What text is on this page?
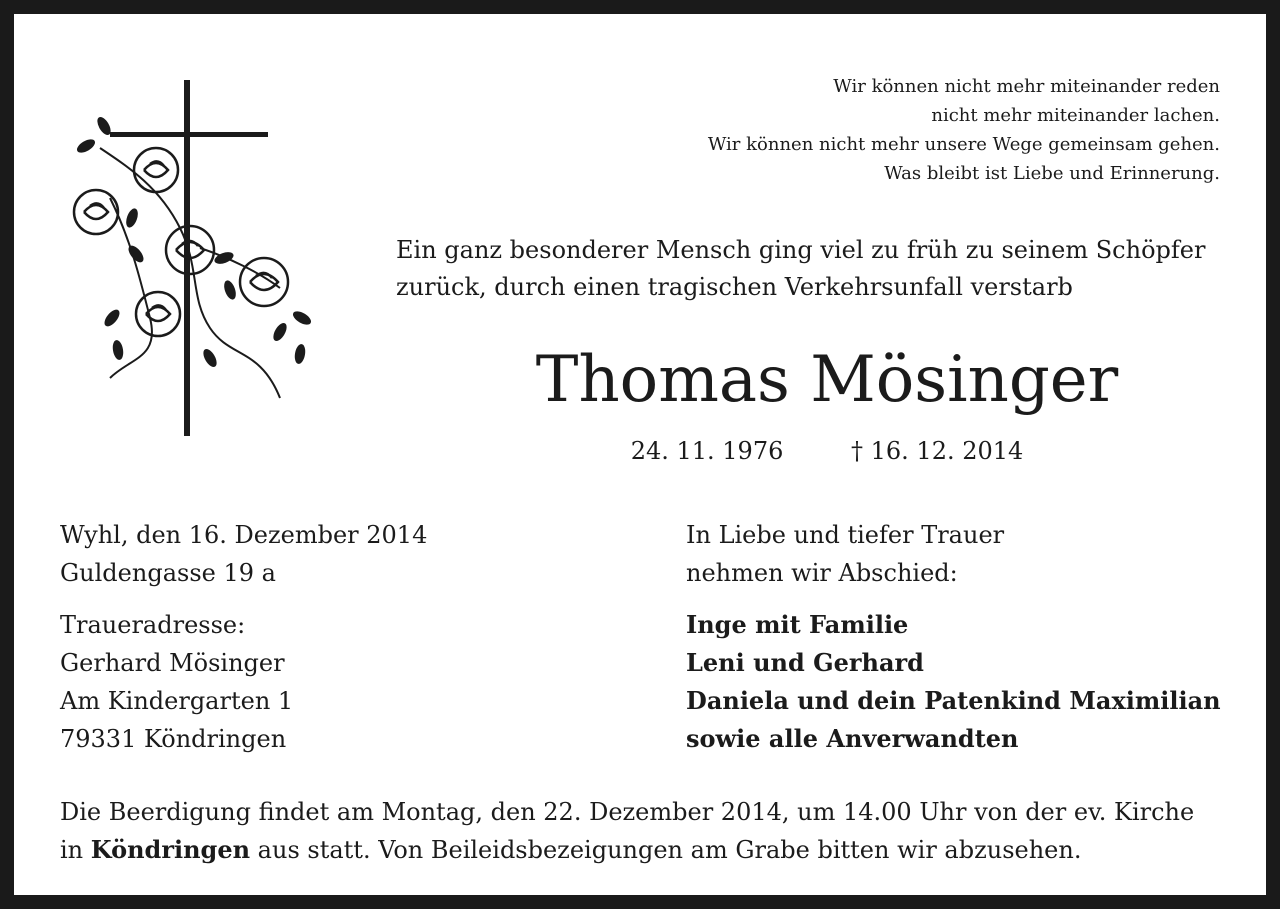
Wir können nicht mehr miteinander reden
nicht mehr miteinander lachen.
Wir können nicht mehr unsere Wege gemeinsam gehen.
Was bleibt ist Liebe und Erinnerung.
Ein ganz besonderer Mensch ging viel zu früh zu seinem Schöpfer
zurück, durch einen tragischen Verkehrsunfall verstarb
Thomas Mösinger
24. 11. 1976	† 16. 12. 2014
Wyhl, den 16. Dezember 2014
Guldengasse 19 a
Traueradresse:
Gerhard Mösinger
Am Kindergarten 1
79331 Köndringen
In Liebe und tiefer Trauer
nehmen wir Abschied:
Inge mit Familie
Leni und Gerhard
Daniela und dein Patenkind Maximilian
sowie alle Anverwandten
Die Beerdigung findet am Montag, den 22. Dezember 2014, um 14.00 Uhr von der ev. Kirche
in Köndringen aus statt. Von Beileidsbezeigungen am Grabe bitten wir abzusehen.
